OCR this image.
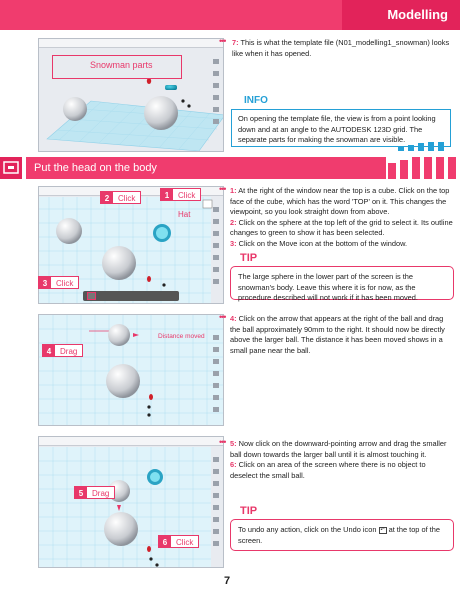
Modelling
Snowman parts
••• 7: This is what the template file (N01_modelling1_snowman) looks like when it has opened.
INFO
On opening the template file, the view is from a point looking down and at an angle to the AUTODESK 123D grid. The separate parts for making the snowman are visible.
Put the head on the body
1	Click
2	Click
Hat
3	Click
••• 1: At the right of the window near the top is a cube. Click on the top face of the cube, which has the word 'TOP' on it. This changes the viewpoint, so you look straight down from above.
2: Click on the sphere at the top left of the grid to select it. Its outline changes to green to show it has been selected.
3: Click on the Move icon at the bottom of the window.
TIP
The large sphere in the lower part of the screen is the snowman's body. Leave this where it is for now, as the procedure described will not work if it has been moved.
Distance moved
4	Drag
••• 4: Click on the arrow that appears at the right of the ball and drag the ball approximately 90mm to the right. It should now be directly above the larger ball. The distance it has been moved shows in a small pane near the ball.
5	Drag
6	Click
••• 5: Now click on the downward-pointing arrow and drag the smaller ball down towards the larger ball until it is almost touching it.
6: Click on an area of the screen where there is no object to deselect the small ball.
TIP
To undo any action, click on the Undo icon ↶ at the top of the screen.
7
